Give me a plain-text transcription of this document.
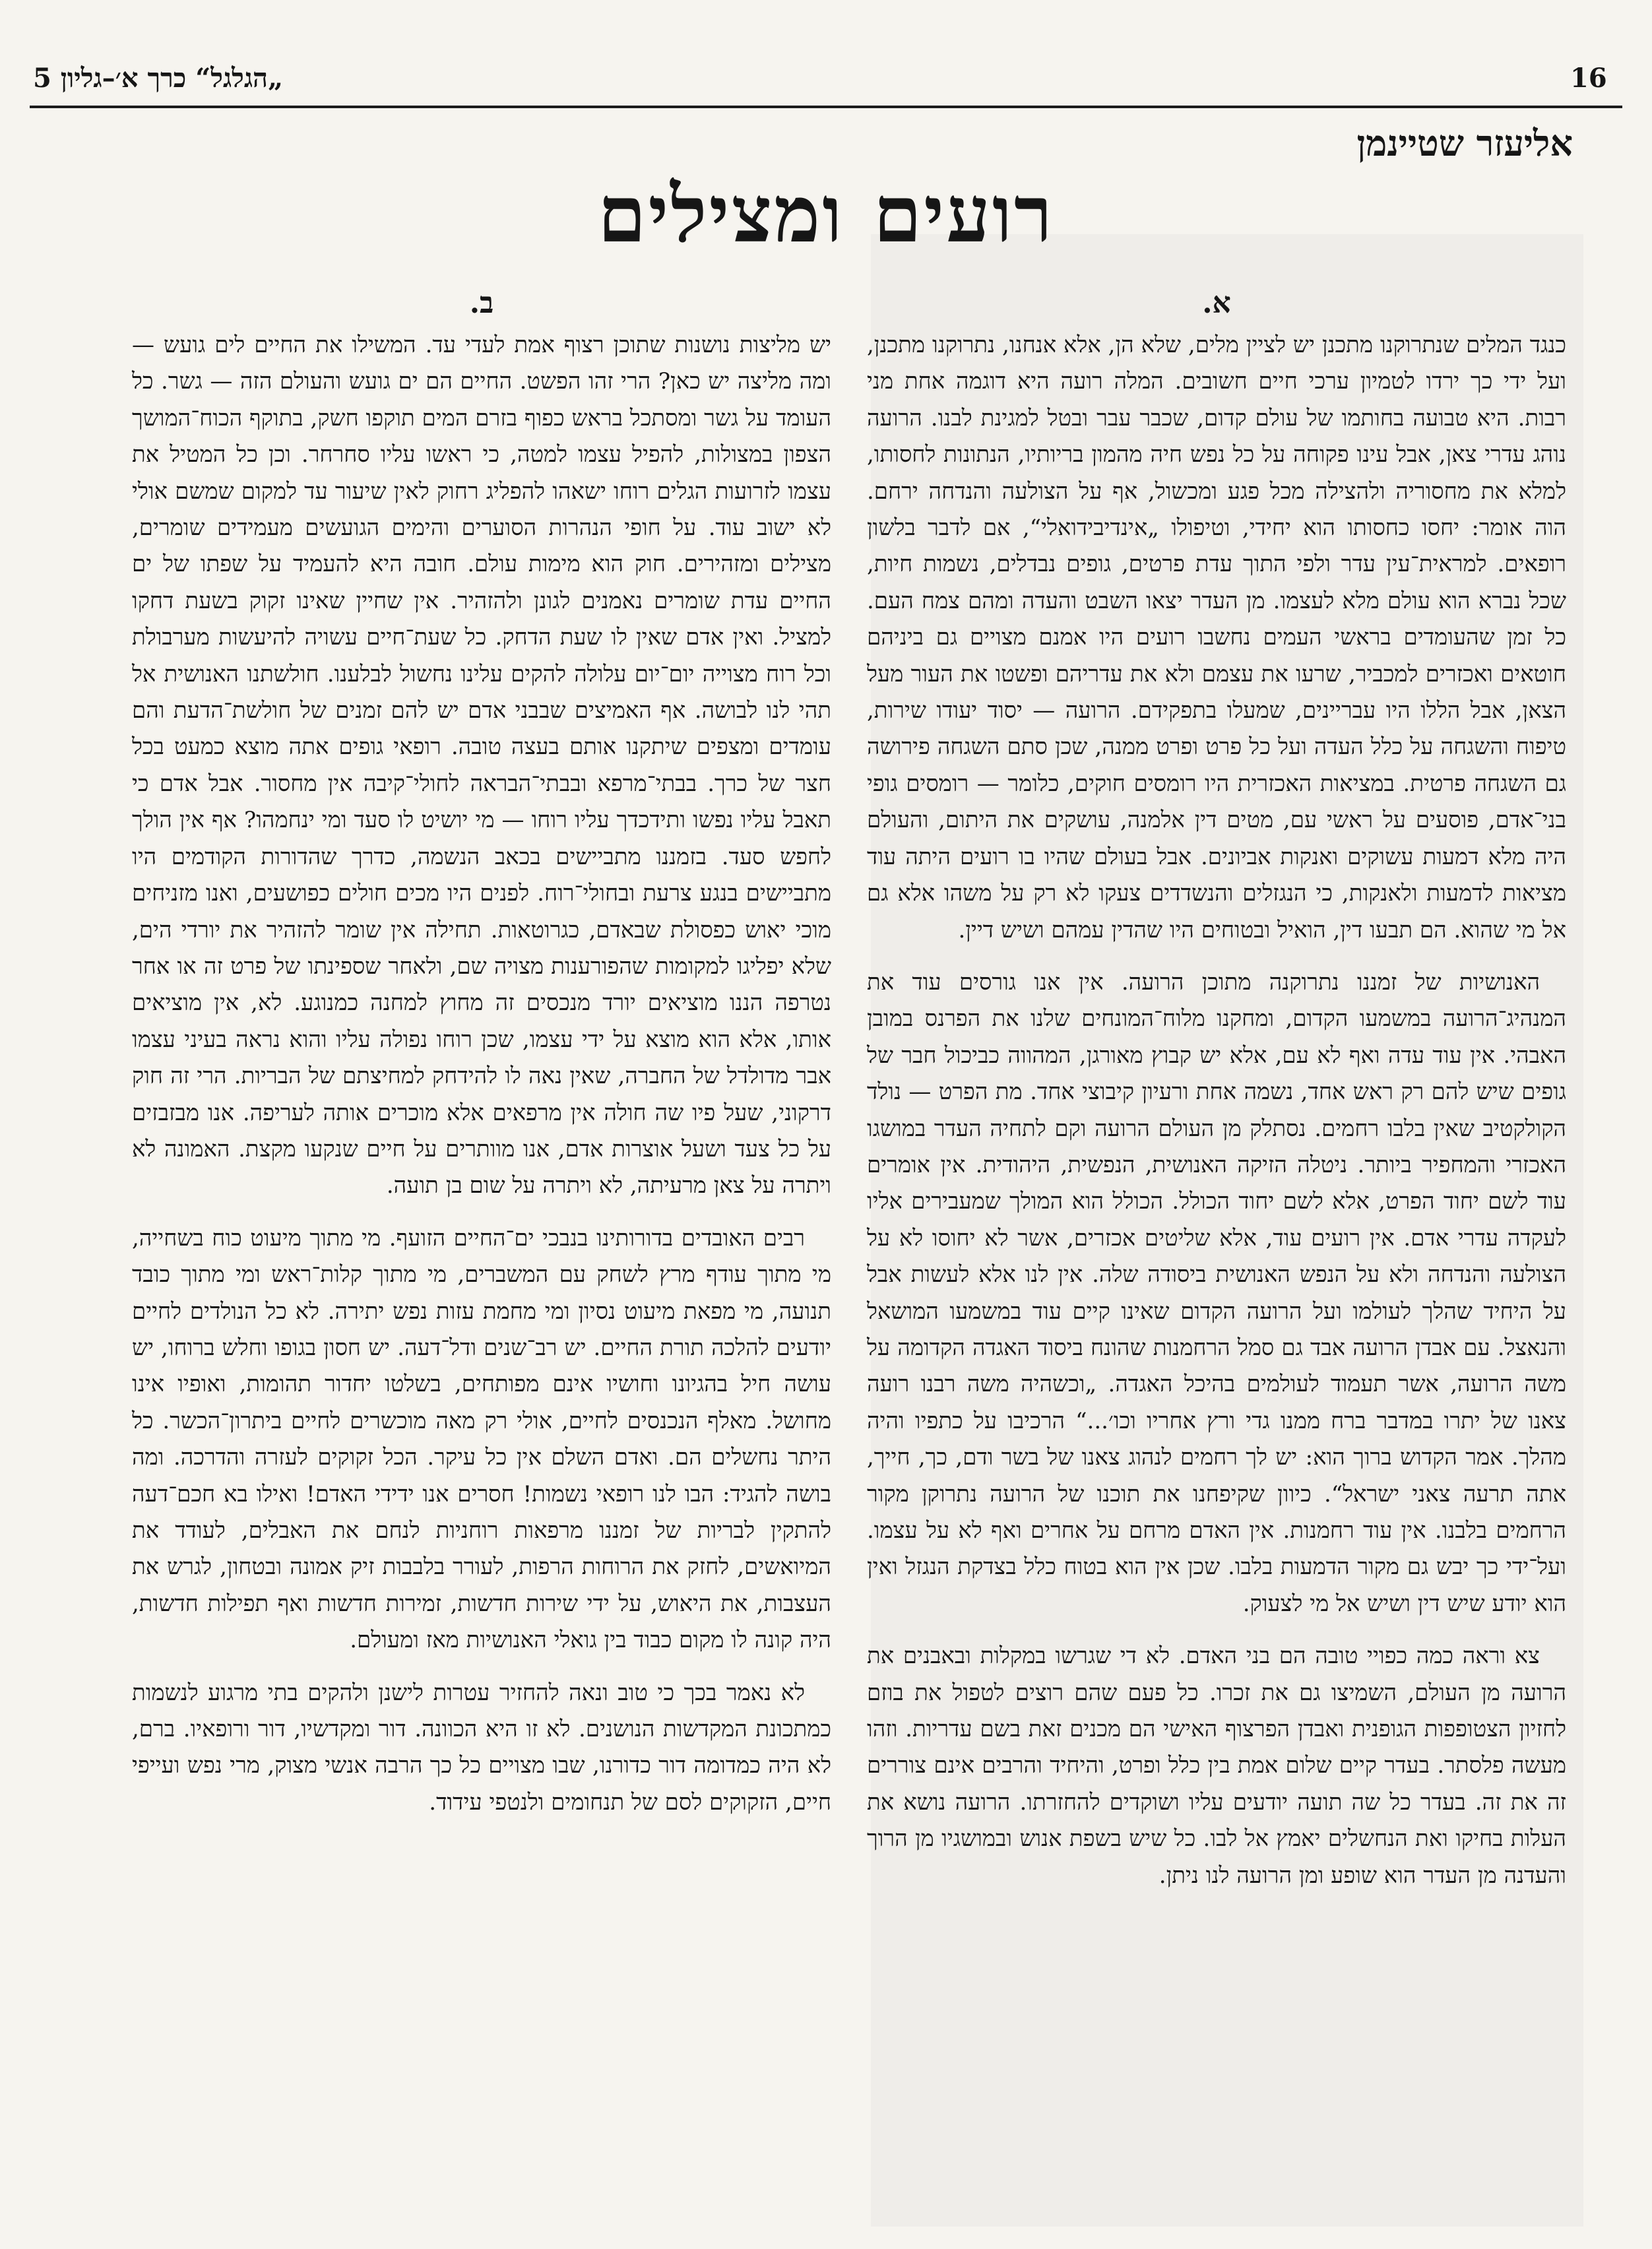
16
„הגלגל“ כרך א׳–גליון 5
אליעזר שטיינמן
רועים ומצילים
א.

כנגד המלים שנתרוקנו מתכנן יש לציין מלים, שלא הן, אלא אנחנו, נתרוקנו מתכנן, ועל ידי כך ירדו לטמיון ערכי חיים חשובים. המלה רועה היא דוגמה אחת מני רבות. היא טבועה בחותמו של עולם קדום, שכבר עבר ובטל למגינת לבנו. הרועה נוהג עדרי צאן, אבל עינו פקוחה על כל נפש חיה מהמון בריותיו, הנתונות לחסותו, למלא את מחסוריה ולהצילה מכל פגע ומכשול, אף על הצולעה והנדחה ירחם. הוה אומר: יחסו כחסותו הוא יחידי, וטיפולו „אינדיבידואלי“, אם לדבר בלשון רופאים. למראית־עין עדר ולפי התוך עדת פרטים, גופים נבדלים, נשמות חיות, שכל נברא הוא עולם מלא לעצמו. מן העדר יצאו השבט והעדה ומהם צמח העם. כל זמן שהעומדים בראשי העמים נחשבו רועים היו אמנם מצויים גם ביניהם חוטאים ואכזרים למכביר, שרעו את עצמם ולא את עדריהם ופשטו את העור מעל הצאן, אבל הללו היו עבריינים, שמעלו בתפקידם. הרועה — יסוד יעודו שירות, טיפוח והשגחה על כלל העדה ועל כל פרט ופרט ממנה, שכן סתם השגחה פירושה גם השגחה פרטית. במציאות האכזרית היו רומסים חוקים, כלומר — רומסים גופי בני־אדם, פוסעים על ראשי עם, מטים דין אלמנה, עושקים את היתום, והעולם היה מלא דמעות עשוקים ואנקות אביונים. אבל בעולם שהיו בו רועים היתה עוד מציאות לדמעות ולאנקות, כי הנגזלים והנשדדים צעקו לא רק על משהו אלא גם אל מי שהוא. הם תבעו דין, הואיל ובטוחים היו שהדין עמהם ושיש דיין.

האנושיות של זמננו נתרוקנה מתוכן הרועה. אין אנו גורסים עוד את המנהיג־הרועה במשמעו הקדום, ומחקנו מלוח־המונחים שלנו את הפרנס במובן האבהי. אין עוד עדה ואף לא עם, אלא יש קבוץ מאורגן, המהווה כביכול חבר של גופים שיש להם רק ראש אחד, נשמה אחת ורעיון קיבוצי אחד. מת הפרט — נולד הקולקטיב שאין בלבו רחמים. נסתלק מן העולם הרועה וקם לתחיה העדר במושגו האכזרי והמחפיר ביותר. ניטלה הזיקה האנושית, הנפשית, היהודית. אין אומרים עוד לשם יחוד הפרט, אלא לשם יחוד הכולל. הכולל הוא המולך שמעבירים אליו לעקדה עדרי אדם. אין רועים עוד, אלא שליטים אכזרים, אשר לא יחוסו לא על הצולעה והנדחה ולא על הנפש האנושית ביסודה שלה. אין לנו אלא לעשות אבל על היחיד שהלך לעולמו ועל הרועה הקדום שאינו קיים עוד במשמעו המושאל והנאצל. עם אבדן הרועה אבד גם סמל הרחמנות שהונח ביסוד האגדה הקדומה על משה הרועה, אשר תעמוד לעולמים בהיכל האגדה. „וכשהיה משה רבנו רועה צאנו של יתרו במדבר ברח ממנו גדי ורץ אחריו וכו׳...“ הרכיבו על כתפיו והיה מהלך. אמר הקדוש ברוך הוא: יש לך רחמים לנהוג צאנו של בשר ודם, כך, חייך, אתה תרעה צאני ישראל“. כיוון שקיפחנו את תוכנו של הרועה נתרוקן מקור הרחמים בלבנו. אין עוד רחמנות. אין האדם מרחם על אחרים ואף לא על עצמו. ועל־ידי כך יבש גם מקור הדמעות בלבו. שכן אין הוא בטוח כלל בצדקת הנגזל ואין הוא יודע שיש דין ושיש אל מי לצעוק.

צא וראה כמה כפויי טובה הם בני האדם. לא די שגרשו במקלות ובאבנים את הרועה מן העולם, השמיצו גם את זכרו. כל פעם שהם רוצים לטפול את בוזם לחזיון הצטופפות הגופנית ואבדן הפרצוף האישי הם מכנים זאת בשם עדריות. וזהו מעשה פלסתר. בעדר קיים שלום אמת בין כלל ופרט, והיחיד והרבים אינם צוררים זה את זה. בעדר כל שה תועה יודעים עליו ושוקדים להחזרתו. הרועה נושא את העלות בחיקו ואת הנחשלים יאמץ אל לבו. כל שיש בשפת אנוש ובמושגיו מן הרוך והעדנה מן העדר הוא שופע ומן הרועה לנו ניתן.

ב.

יש מליצות נושנות שתוכן רצוף אמת לעדי עד. המשילו את החיים לים גועש — ומה מליצה יש כאן? הרי זהו הפשט. החיים הם ים גועש והעולם הזה — גשר. כל העומד על גשר ומסתכל בראש כפוף בזרם המים תוקפו חשק, בתוקף הכוח־המושך הצפון במצולות, להפיל עצמו למטה, כי ראשו עליו סחרחר. וכן כל המטיל את עצמו לזרועות הגלים רוחו ישאהו להפליג רחוק לאין שיעור עד למקום שמשם אולי לא ישוב עוד. על חופי הנהרות הסוערים והימים הגועשים מעמידים שומרים, מצילים ומזהירים. חוק הוא מימות עולם. חובה היא להעמיד על שפתו של ים החיים עדת שומרים נאמנים לגונן ולהזהיר. אין שחיין שאינו זקוק בשעת דחקו למציל. ואין אדם שאין לו שעת הדחק. כל שעת־חיים עשויה להיעשות מערבולת וכל רוח מצוייה יום־יום עלולה להקים עלינו נחשול לבלענו. חולשתנו האנושית אל תהי לנו לבושה. אף האמיצים שבבני אדם יש להם זמנים של חולשת־הדעת והם עומדים ומצפים שיתקנו אותם בעצה טובה. רופאי גופים אתה מוצא כמעט בכל חצר של כרך. בבתי־מרפא ובבתי־הבראה לחולי־קיבה אין מחסור. אבל אדם כי תאבל עליו נפשו ותידכדך עליו רוחו — מי יושיט לו סעד ומי ינחמהו? אף אין הולך לחפש סעד. בזמננו מתביישים בכאב הנשמה, כדרך שהדורות הקודמים היו מתביישים בנגע צרעת ובחולי־רוח. לפנים היו מכים חולים כפושעים, ואנו מזניחים מוכי יאוש כפסולת שבאדם, כגרוטאות. תחילה אין שומר להזהיר את יורדי הים, שלא יפליגו למקומות שהפורענות מצויה שם, ולאחר שספינתו של פרט זה או אחר נטרפה הננו מוציאים יורד מנכסים זה מחוץ למחנה כמנוגע. לא, אין מוציאים אותו, אלא הוא מוצא על ידי עצמו, שכן רוחו נפולה עליו והוא נראה בעיני עצמו אבר מדולדל של החברה, שאין נאה לו להידחק למחיצתם של הבריות. הרי זה חוק דרקוני, שעל פיו שה חולה אין מרפאים אלא מוכרים אותה לעריפה. אנו מבזבזים על כל צעד ושעל אוצרות אדם, אנו מוותרים על חיים שנקעו מקצת. האמונה לא ויתרה על צאן מרעיתה, לא ויתרה על שום בן תועה.

רבים האובדים בדורותינו בנבכי ים־החיים הזועף. מי מתוך מיעוט כוח בשחייה, מי מתוך עודף מרץ לשחק עם המשברים, מי מתוך קלות־ראש ומי מתוך כובד תנועה, מי מפאת מיעוט נסיון ומי מחמת עזות נפש יתירה. לא כל הנולדים לחיים יודעים להלכה תורת החיים. יש רב־שנים ודל־דעה. יש חסון בגופו וחלש ברוחו, יש עושה חיל בהגיונו וחושיו אינם מפותחים, בשלטו יחדור תהומות, ואופיו אינו מחושל. מאלף הנכנסים לחיים, אולי רק מאה מוכשרים לחיים ביתרון־הכשר. כל היתר נחשלים הם. ואדם השלם אין כל עיקר. הכל זקוקים לעזרה והדרכה. ומה בושה להגיד: הבו לנו רופאי נשמות! חסרים אנו ידידי האדם! ואילו בא חכם־דעה להתקין לבריות של זמננו מרפאות רוחניות לנחם את האבלים, לעודד את המיואשים, לחזק את הרוחות הרפות, לעורר בלבבות זיק אמונה ובטחון, לגרש את העצבות, את היאוש, על ידי שירות חדשות, זמירות חדשות ואף תפילות חדשות, היה קונה לו מקום כבוד בין גואלי האנושיות מאז ומעולם.

לא נאמר בכך כי טוב ונאה להחזיר עטרות לישנן ולהקים בתי מרגוע לנשמות כמתכונת המקדשות הנושנים. לא זו היא הכוונה. דור ומקדשיו, דור ורופאיו. ברם, לא היה כמדומה דור כדורנו, שבו מצויים כל כך הרבה אנשי מצוק, מרי נפש ועייפי חיים, הזקוקים לסם של תנחומים ולנטפי עידוד.
